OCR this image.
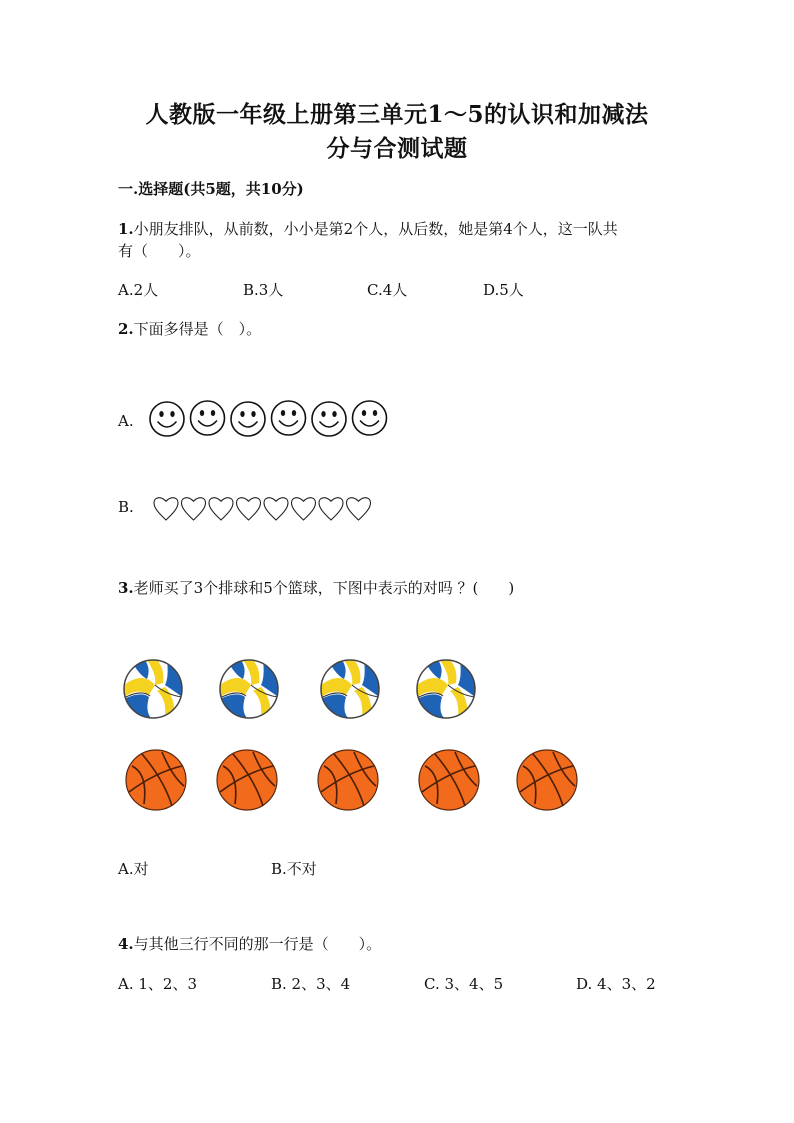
人教版一年级上册第三单元1～5的认识和加减法
分与合测试题
一.选择题(共5题，共10分)
1.小朋友排队，从前数，小小是第2个人，从后数，她是第4个人，这一队共
有（　　）。
A.2人	B.3人	C.4人	D.5人
2.下面多得是（　）。
A.
B.
3.老师买了3个排球和5个篮球，下图中表示的对吗 ？(　　)
A.对	B.不对
4.与其他三行不同的那一行是（　　）。
A. 1、2、3	B. 2、3、4	C. 3、4、5	D. 4、3、2
